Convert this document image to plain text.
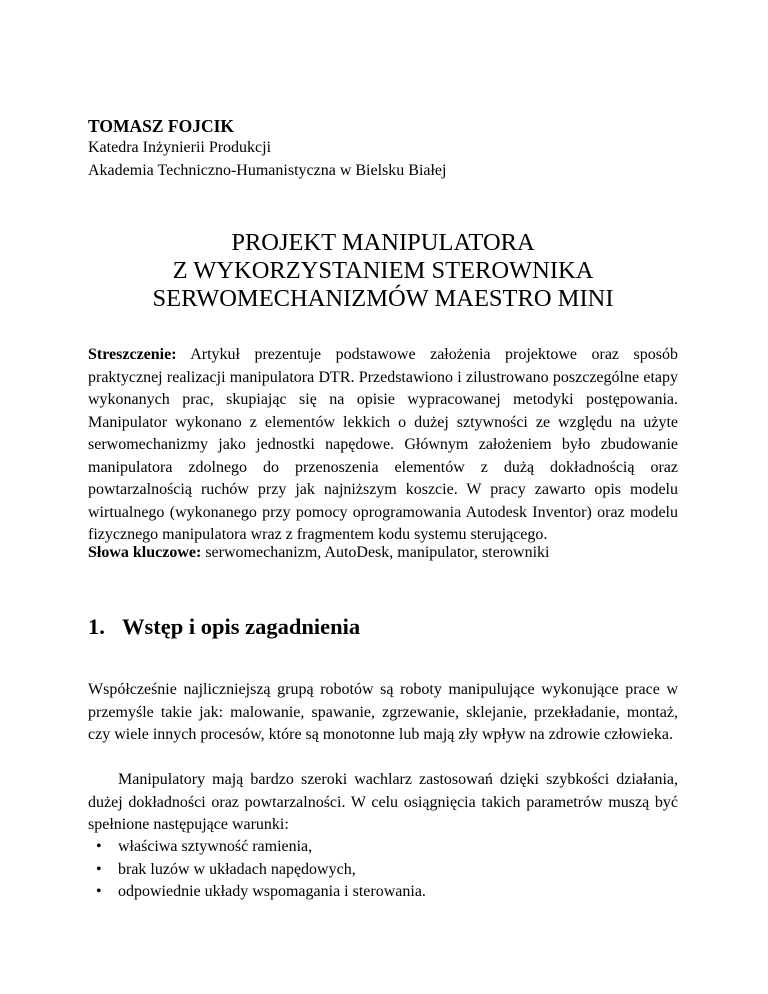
TOMASZ FOJCIK
Katedra Inżynierii Produkcji
Akademia Techniczno-Humanistyczna w Bielsku Białej
PROJEKT MANIPULATORA
Z WYKORZYSTANIEM STEROWNIKA
SERWOMECHANIZMÓW MAESTRO MINI
Streszczenie: Artykuł prezentuje podstawowe założenia projektowe oraz sposób praktycznej realizacji manipulatora DTR. Przedstawiono i zilustrowano poszczególne etapy wykonanych prac, skupiając się na opisie wypracowanej metodyki postępowania. Manipulator wykonano z elementów lekkich o dużej sztywności ze względu na użyte serwomechanizmy jako jednostki napędowe. Głównym założeniem było zbudowanie manipulatora zdolnego do przenoszenia elementów z dużą dokładnością oraz powtarzalnością ruchów przy jak najniższym koszcie. W pracy zawarto opis modelu wirtualnego (wykonanego przy pomocy oprogramowania Autodesk Inventor) oraz modelu fizycznego manipulatora wraz z fragmentem kodu systemu sterującego.
Słowa kluczowe: serwomechanizm, AutoDesk, manipulator, sterowniki
1. Wstęp i opis zagadnienia
Współcześnie najliczniejszą grupą robotów są roboty manipulujące wykonujące prace w przemyśle takie jak: malowanie, spawanie, zgrzewanie, sklejanie, przekładanie, montaż, czy wiele innych procesów, które są monotonne lub mają zły wpływ na zdrowie człowieka.
Manipulatory mają bardzo szeroki wachlarz zastosowań dzięki szybkości działania, dużej dokładności oraz powtarzalności. W celu osiągnięcia takich parametrów muszą być spełnione następujące warunki:
• właściwa sztywność ramienia,
• brak luzów w układach napędowych,
• odpowiednie układy wspomagania i sterowania.
